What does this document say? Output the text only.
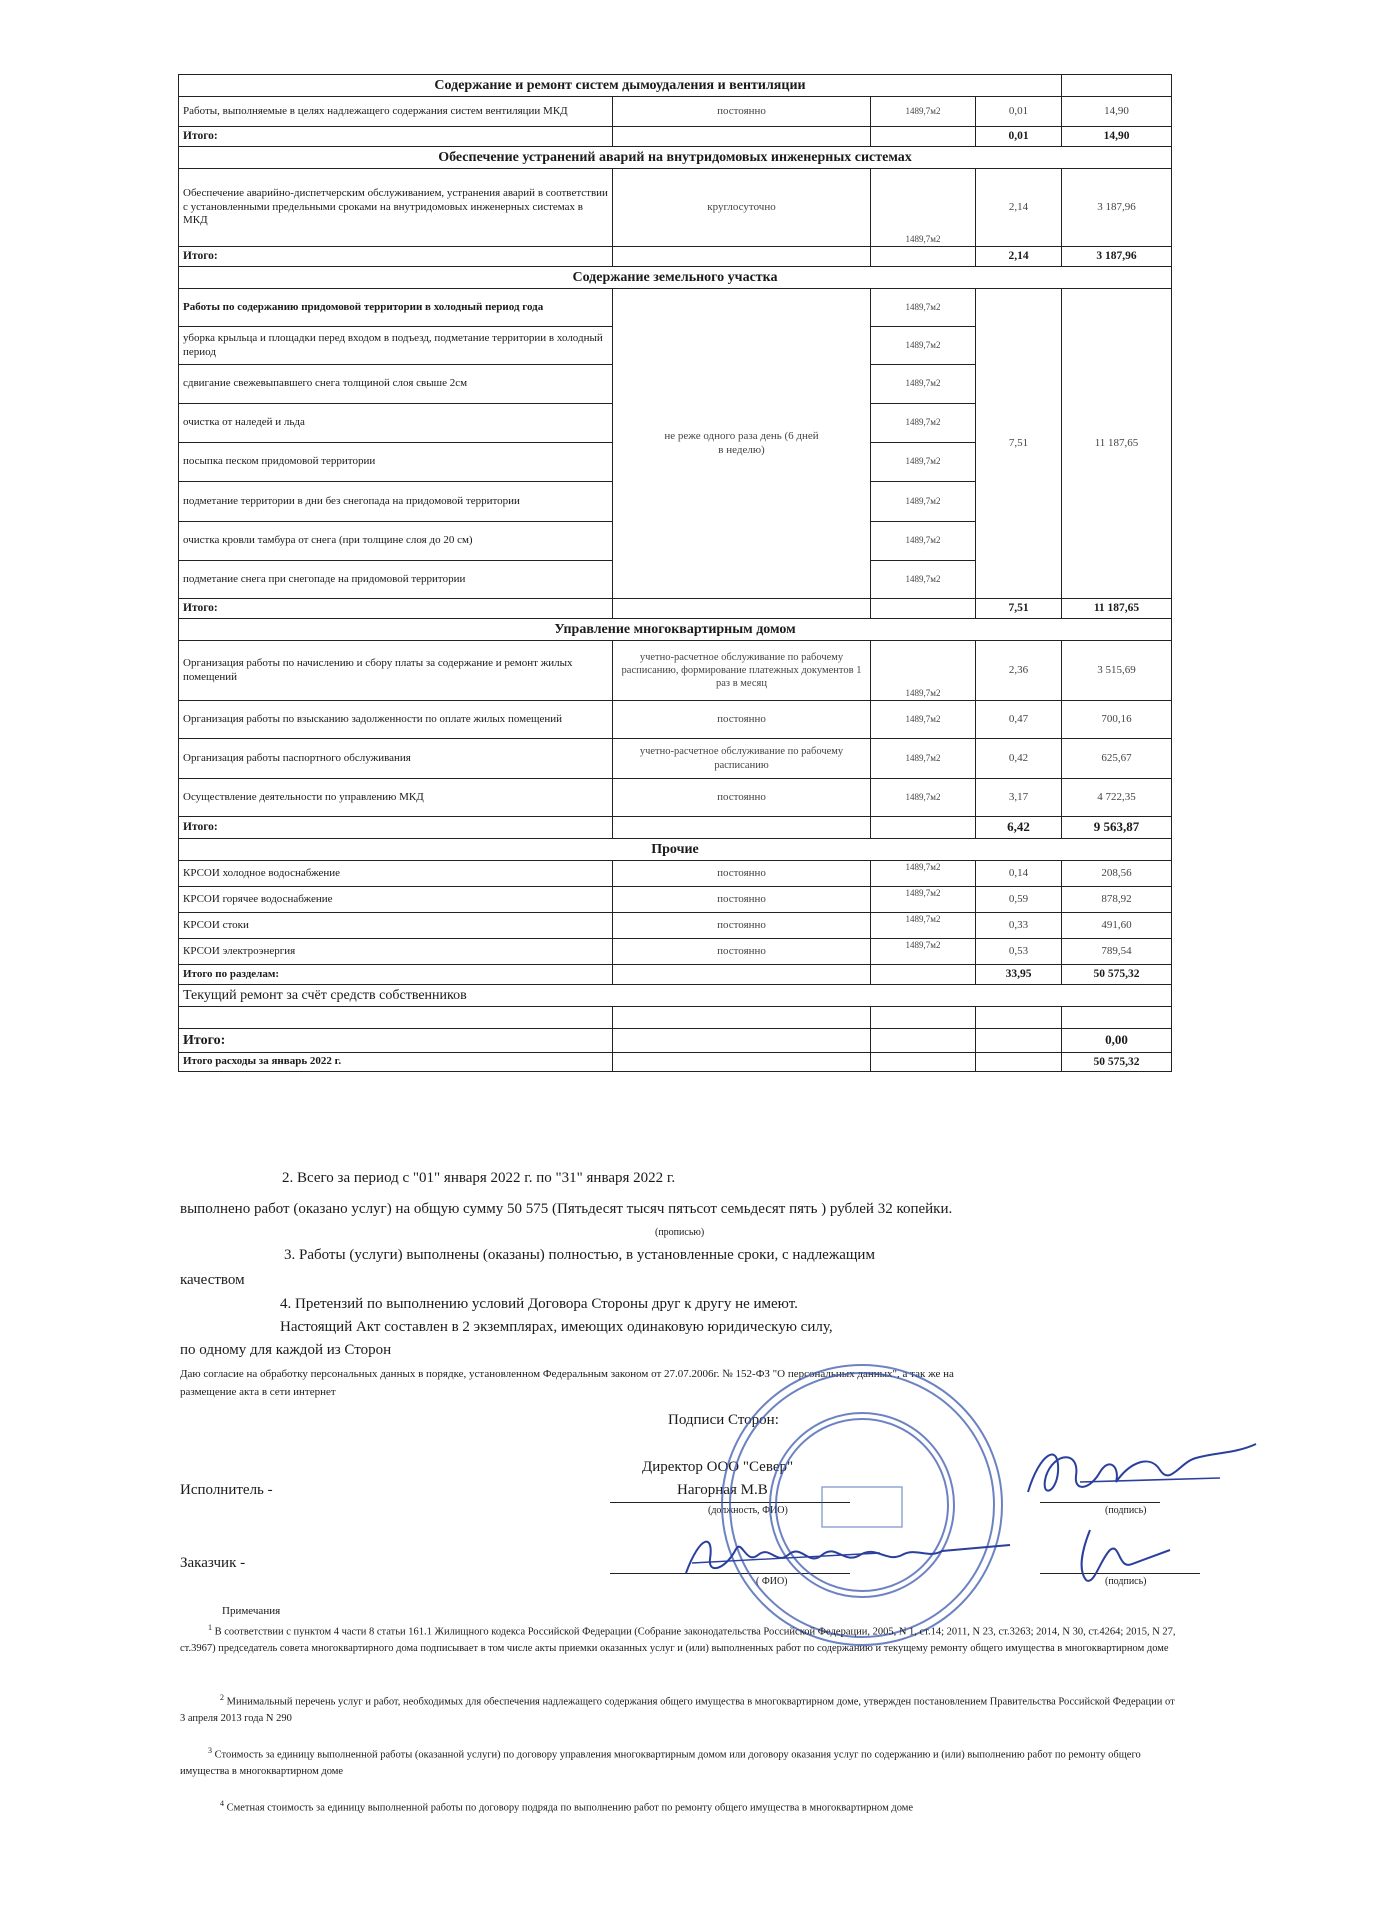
Содержание и ремонт систем дымоудаления и вентиляции				
Работы, выполняемые в целях надлежащего содержания систем вентиляции МКД	постоянно	1489,7м2	0,01	14,90
Итого:			0,01	14,90
Обеспечение устранений аварий на внутридомовых инженерных системах				
Обеспечение аварийно-диспетчерским обслуживанием, устранения аварий в соответствии с установленными предельными сроками на внутридомовых инженерных системах в МКД	круглосуточно	1489,7м2	2,14	3 187,96
Итого:			2,14	3 187,96
Содержание земельного участка				
Работы по содержанию придомовой территории в холодный период года	не реже одного раза день (6 дней в неделю)	1489,7м2	7,51	11 187,65
уборка крыльца и площадки перед входом в подъезд, подметание территории в холодный период		1489,7м2		
сдвигание свежевыпавшего снега толщиной слоя свыше 2см		1489,7м2		
очистка от наледей и льда		1489,7м2		
посыпка песком придомовой территории		1489,7м2		
подметание территории в дни без снегопада на придомовой территории		1489,7м2		
очистка кровли тамбура от снега (при толщине слоя до 20 см)		1489,7м2		
подметание снега при снегопаде на придомовой территории		1489,7м2		
Итого:			7,51	11 187,65
Управление многоквартирным домом				
Организация работы по начислению и сбору платы за содержание и ремонт жилых помещений	учетно-расчетное обслуживание по рабочему расписанию, формирование платежных документов 1 раз в месяц	1489,7м2	2,36	3 515,69
Организация работы по взысканию задолженности по оплате жилых помещений	постоянно	1489,7м2	0,47	700,16
Организация работы паспортного обслуживания	учетно-расчетное обслуживание по рабочему расписанию	1489,7м2	0,42	625,67
Осуществление деятельности по управлению МКД	постоянно	1489,7м2	3,17	4 722,35
Итого:			6,42	9 563,87
Прочие				
КРСОИ холодное водоснабжение	постоянно	1489,7м2	0,14	208,56
КРСОИ горячее водоснабжение	постоянно	1489,7м2	0,59	878,92
КРСОИ стоки	постоянно	1489,7м2	0,33	491,60
КРСОИ электроэнергия	постоянно	1489,7м2	0,53	789,54
Итого по разделам:			33,95	50 575,32
Текущий ремонт за счёт средств собственников				

Итого:				0,00
Итого расходы за январь 2022 г.				50 575,32
2. Всего за период с "01" января 2022 г. по "31" января 2022 г.
выполнено работ (оказано услуг) на общую сумму 50 575 (Пятьдесят тысяч пятьсот семьдесят пять ) рублей 32 копейки.
(прописью)
3. Работы (услуги) выполнены (оказаны) полностью, в установленные сроки, с надлежащим
качеством
4. Претензий по выполнению условий Договора Стороны друг к другу не имеют.
Настоящий Акт составлен в 2 экземплярах, имеющих одинаковую юридическую силу,
по одному для каждой из Сторон
Даю согласие на обработку персональных данных в порядке, установленном Федеральным законом от 27.07.2006г. № 152-ФЗ "О персональных данных", а так же на
размещение акта в сети интернет
Подписи Сторон:
Директор ООО "Север"
Исполнитель -	Нагорная М.В
(должность, ФИО)	(подпись)
Заказчик -
( ФИО)	(подпись)
Примечания
$^1$ В соответствии с пунктом 4 части 8 статьи 161.1 Жилищного кодекса Российской Федерации (Собрание законодательства Российской Федерации, 2005, N 1, ст.14; 2011, N 23, ст.3263; 2014, N 30, ст.4264; 2015, N 27, ст.3967) председатель совета многоквартирного дома подписывает в том числе акты приемки оказанных услуг и (или) выполненных работ по содержанию и текущему ремонту общего имущества в многоквартирном доме
$^2$ Минимальный перечень услуг и работ, необходимых для обеспечения надлежащего содержания общего имущества в многоквартирном доме, утвержден постановлением Правительства Российской Федерации от 3 апреля 2013 года N 290
$^3$ Стоимость за единицу выполненной работы (оказанной услуги) по договору управления многоквартирным домом или договору оказания услуг по содержанию и (или) выполнению работ по ремонту общего имущества в многоквартирном доме
$^4$ Сметная стоимость за единицу выполненной работы по договору подряда по выполнению работ по ремонту общего имущества в многоквартирном доме
